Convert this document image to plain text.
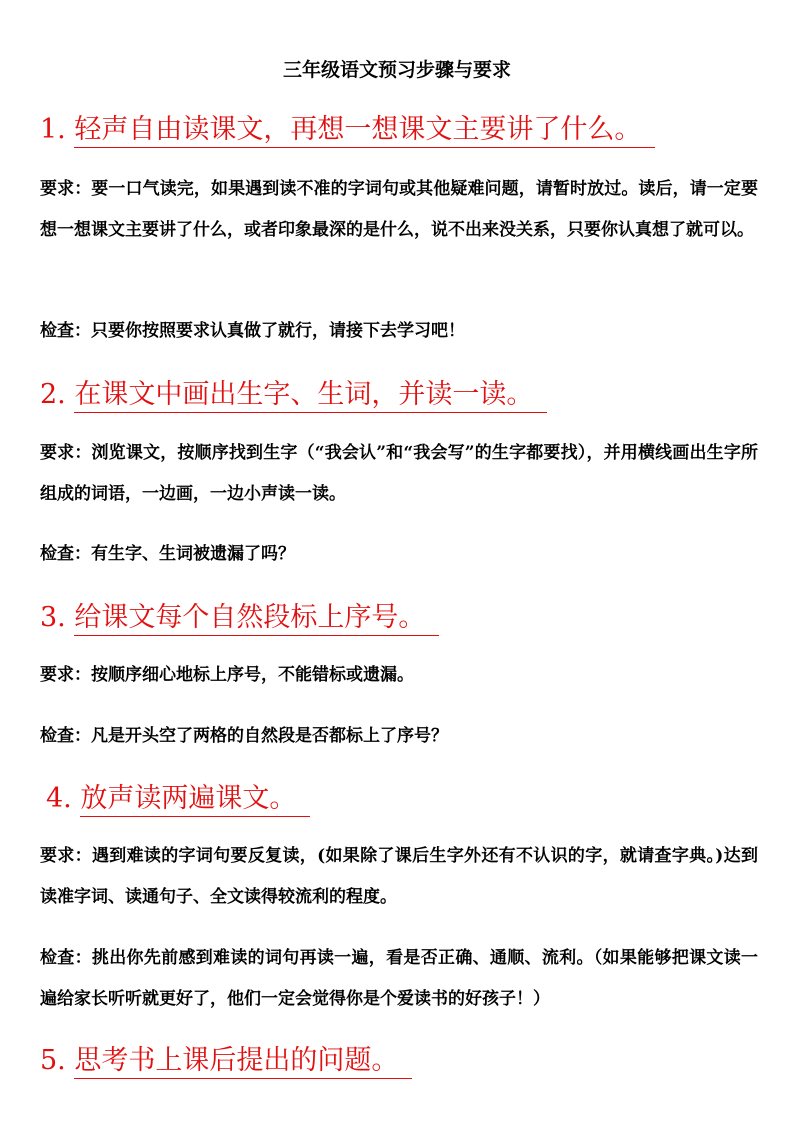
三年级语文预习步骤与要求
1. 轻声自由读课文，再想一想课文主要讲了什么。
要求：要一口气读完，如果遇到读不准的字词句或其他疑难问题，请暂时放过。读后，请一定要想一想课文主要讲了什么，或者印象最深的是什么，说不出来没关系，只要你认真想了就可以。
检查：只要你按照要求认真做了就行，请接下去学习吧！
2. 在课文中画出生字、生词，并读一读。
要求：浏览课文，按顺序找到生字（“我会认”和“我会写”的生字都要找），并用横线画出生字所组成的词语，一边画，一边小声读一读。
检查：有生字、生词被遗漏了吗？
3. 给课文每个自然段标上序号。
要求：按顺序细心地标上序号，不能错标或遗漏。
检查：凡是开头空了两格的自然段是否都标上了序号？
4. 放声读两遍课文。
要求：遇到难读的字词句要反复读，(如果除了课后生字外还有不认识的字，就请查字典。)达到读准字词、读通句子、全文读得较流利的程度。
检查：挑出你先前感到难读的词句再读一遍，看是否正确、通顺、流利。（如果能够把课文读一遍给家长听听就更好了，他们一定会觉得你是个爱读书的好孩子！）
5. 思考书上课后提出的问题。
